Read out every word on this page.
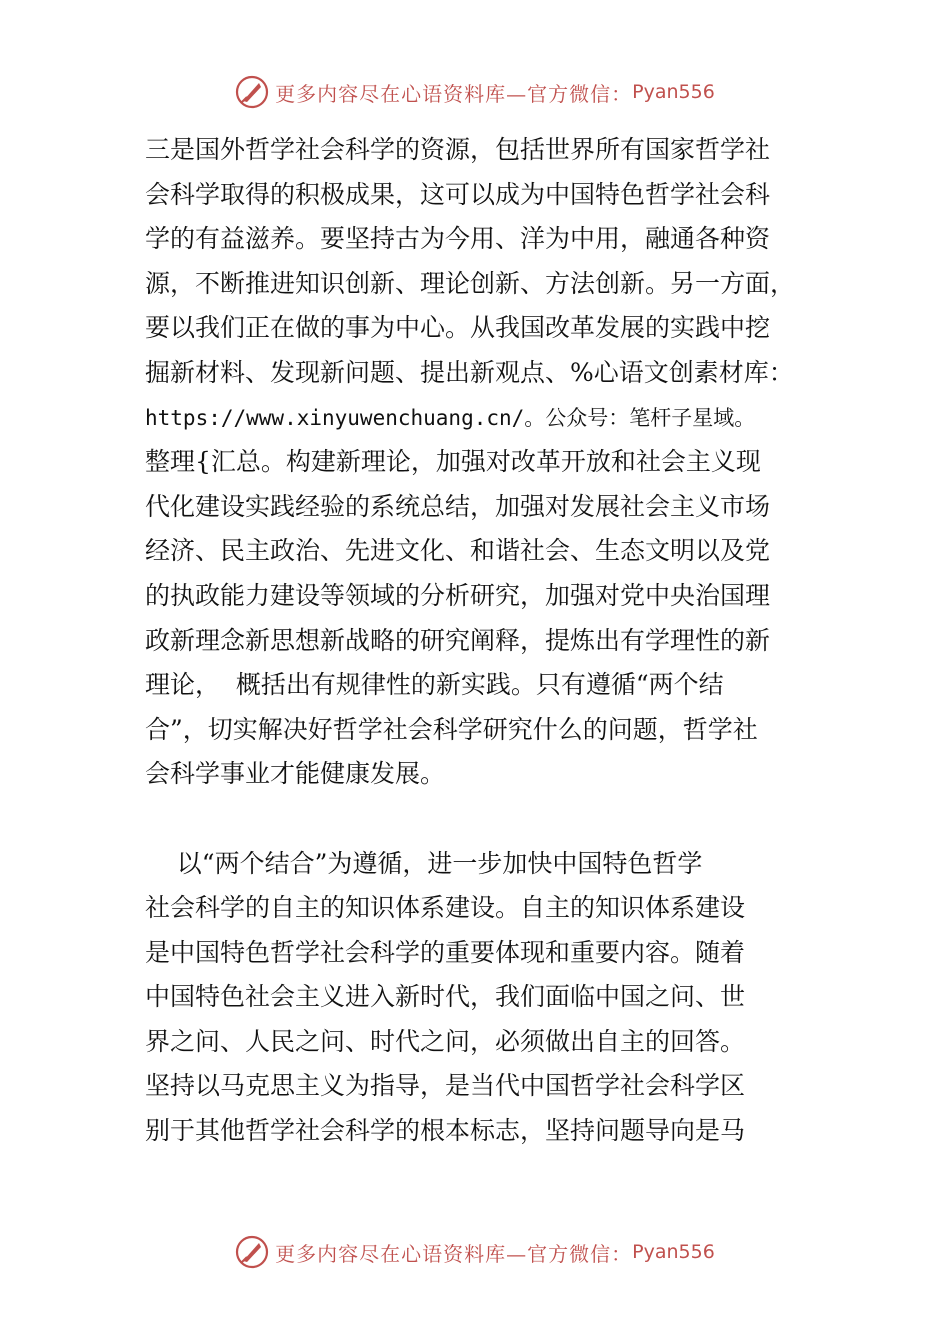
更多内容尽在心语资料库—官方微信： Pyan556
三是国外哲学社会科学的资源，包括世界所有国家哲学社
会科学取得的积极成果，这可以成为中国特色哲学社会科
学的有益滋养。要坚持古为今用、洋为中用，融通各种资
源，不断推进知识创新、理论创新、方法创新。另一方面，
要以我们正在做的事为中心。从我国改革发展的实践中挖
掘新材料、发现新问题、提出新观点、%心语文创素材库：
https://www.xinyuwenchuang.cn/。公众号：笔杆子星域。
整理{汇总。构建新理论，加强对改革开放和社会主义现
代化建设实践经验的系统总结，加强对发展社会主义市场
经济、民主政治、先进文化、和谐社会、生态文明以及党
的执政能力建设等领域的分析研究，加强对党中央治国理
政新理念新思想新战略的研究阐释，提炼出有学理性的新
理论，  概括出有规律性的新实践。只有遵循“两个结
合”，切实解决好哲学社会科学研究什么的问题，哲学社
会科学事业才能健康发展。
以“两个结合”为遵循，进一步加快中国特色哲学
社会科学的自主的知识体系建设。自主的知识体系建设
是中国特色哲学社会科学的重要体现和重要内容。随着
中国特色社会主义进入新时代，我们面临中国之问、世
界之问、人民之问、时代之问，必须做出自主的回答。
坚持以马克思主义为指导，是当代中国哲学社会科学区
别于其他哲学社会科学的根本标志，坚持问题导向是马
更多内容尽在心语资料库—官方微信： Pyan556
